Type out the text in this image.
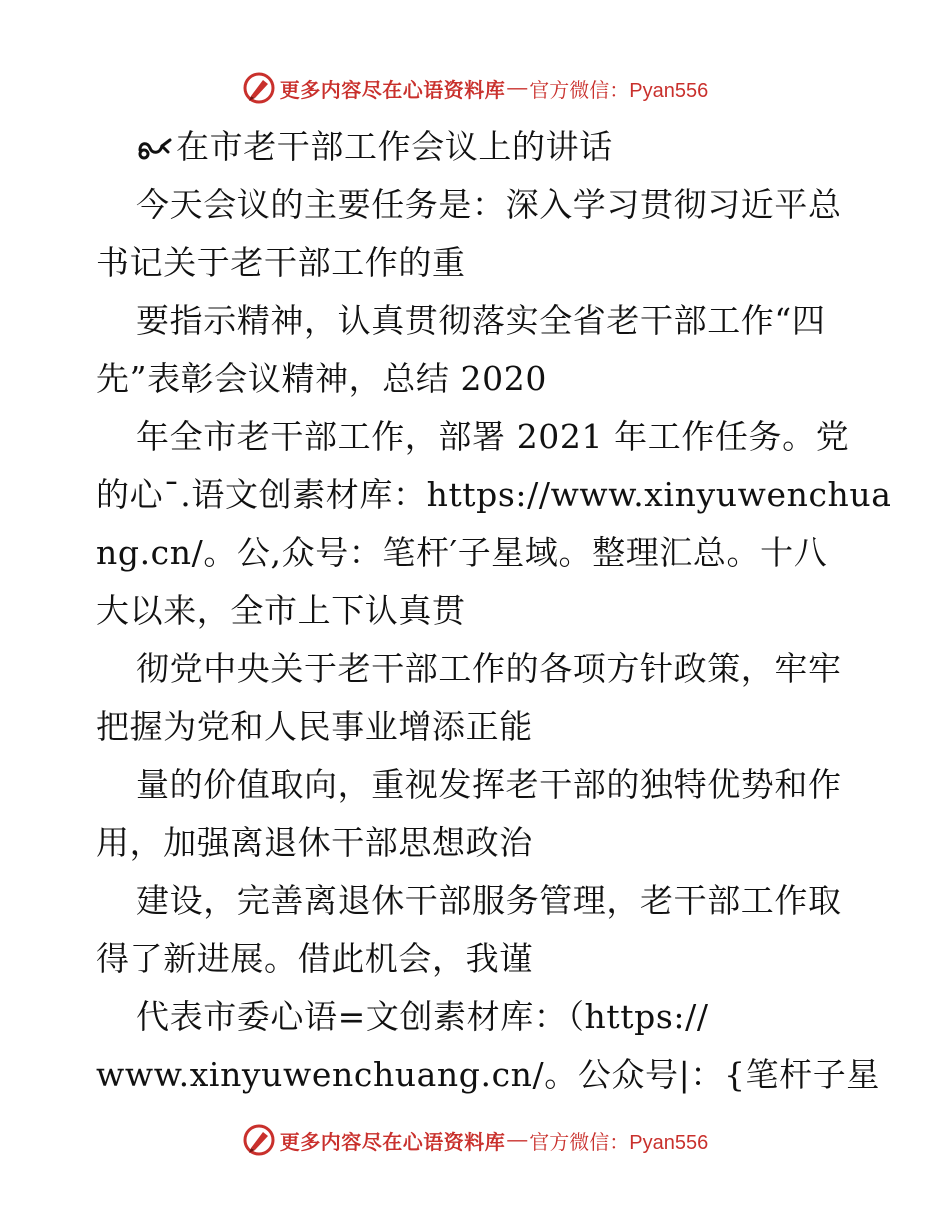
更多内容尽在心语资料库 — 官方微信：Pyan556
在市老干部工作会议上的讲话
今天会议的主要任务是：深入学习贯彻习近平总
书记关于老干部工作的重
要指示精神，认真贯彻落实全省老干部工作“四
先”表彰会议精神，总结 2020
年全市老干部工作，部署 2021 年工作任务。党
的心¯.语文创素材库：https://www.xinyuwenchua
ng.cn/。公,众号：笔杆′子星域。整理汇总。十八
大以来，全市上下认真贯
彻党中央关于老干部工作的各项方针政策，牢牢
把握为党和人民事业增添正能
量的价值取向，重视发挥老干部的独特优势和作
用，加强离退休干部思想政治
建设，完善离退休干部服务管理，老干部工作取
得了新进展。借此机会，我谨
代表市委心语=文创素材库：（https://
www.xinyuwenchuang.cn/。公众号|：{笔杆子星
更多内容尽在心语资料库 — 官方微信：Pyan556
